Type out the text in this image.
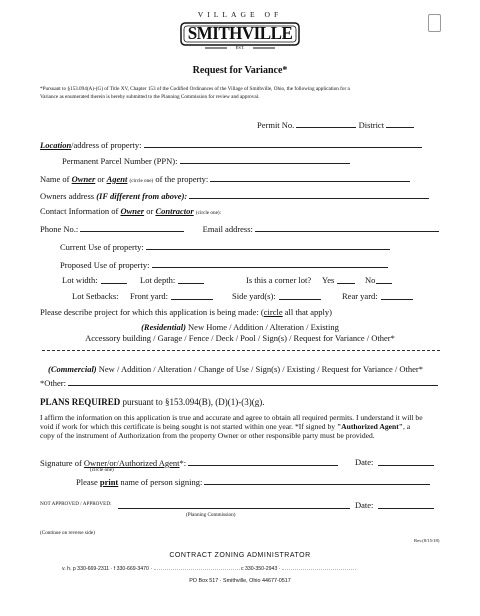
VILLAGE OF
SMITHVILLE
EST.
Request for Variance*
*Pursuant to §153.094(A)-(G) of Title XV, Chapter 153 of the Codified Ordinances of the Village of Smithville, Ohio, the following application for a
Variance as enumerated therein is hereby submitted to the Planning Commission for review and approval.
Permit No.	District
Location/address of property:
Permanent Parcel Number (PPN):
Name of Owner or Agent (circle one) of the property:
Owners address (IF different from above):
Contact Information of Owner or Contractor (circle one):
Phone No.:	Email address:
Current Use of property:
Proposed Use of property:
Lot width:	Lot depth:	Is this a corner lot? Yes	No
Lot Setbacks: Front yard:	Side yard(s):	Rear yard:
Please describe project for which this application is being made: (circle all that apply)
(Residential) New Home / Addition / Alteration / Existing
Accessory building / Garage / Fence / Deck / Pool / Sign(s) / Request for Variance / Other*
(Commercial) New / Addition / Alteration / Change of Use / Sign(s) / Existing / Request for Variance / Other*
*Other:
PLANS REQUIRED pursuant to §153.094(B), (D)(1)-(3)(g).
I affirm the information on this application is true and accurate and agree to obtain all required permits. I understand it will be
void if work for which this certificate is being sought is not started within one year. *If signed by "Authorized Agent", a
copy of the instrument of Authorization from the property Owner or other responsible party must be provided.
Signature of Owner/or/Authorized Agent*:	Date:
(circle one)
Please print name of person signing:
NOT APPROVED / APPROVED:	Date:
(Planning Commission)
(Continue on reverse side)
Rev.(8/15/18)
CONTRACT ZONING ADMINISTRATOR
v. h. p 330-669-2311 · f 330-669-3470 ·	c 330-350-2943 ·
PO Box 517 · Smithville, Ohio 44677-0517
